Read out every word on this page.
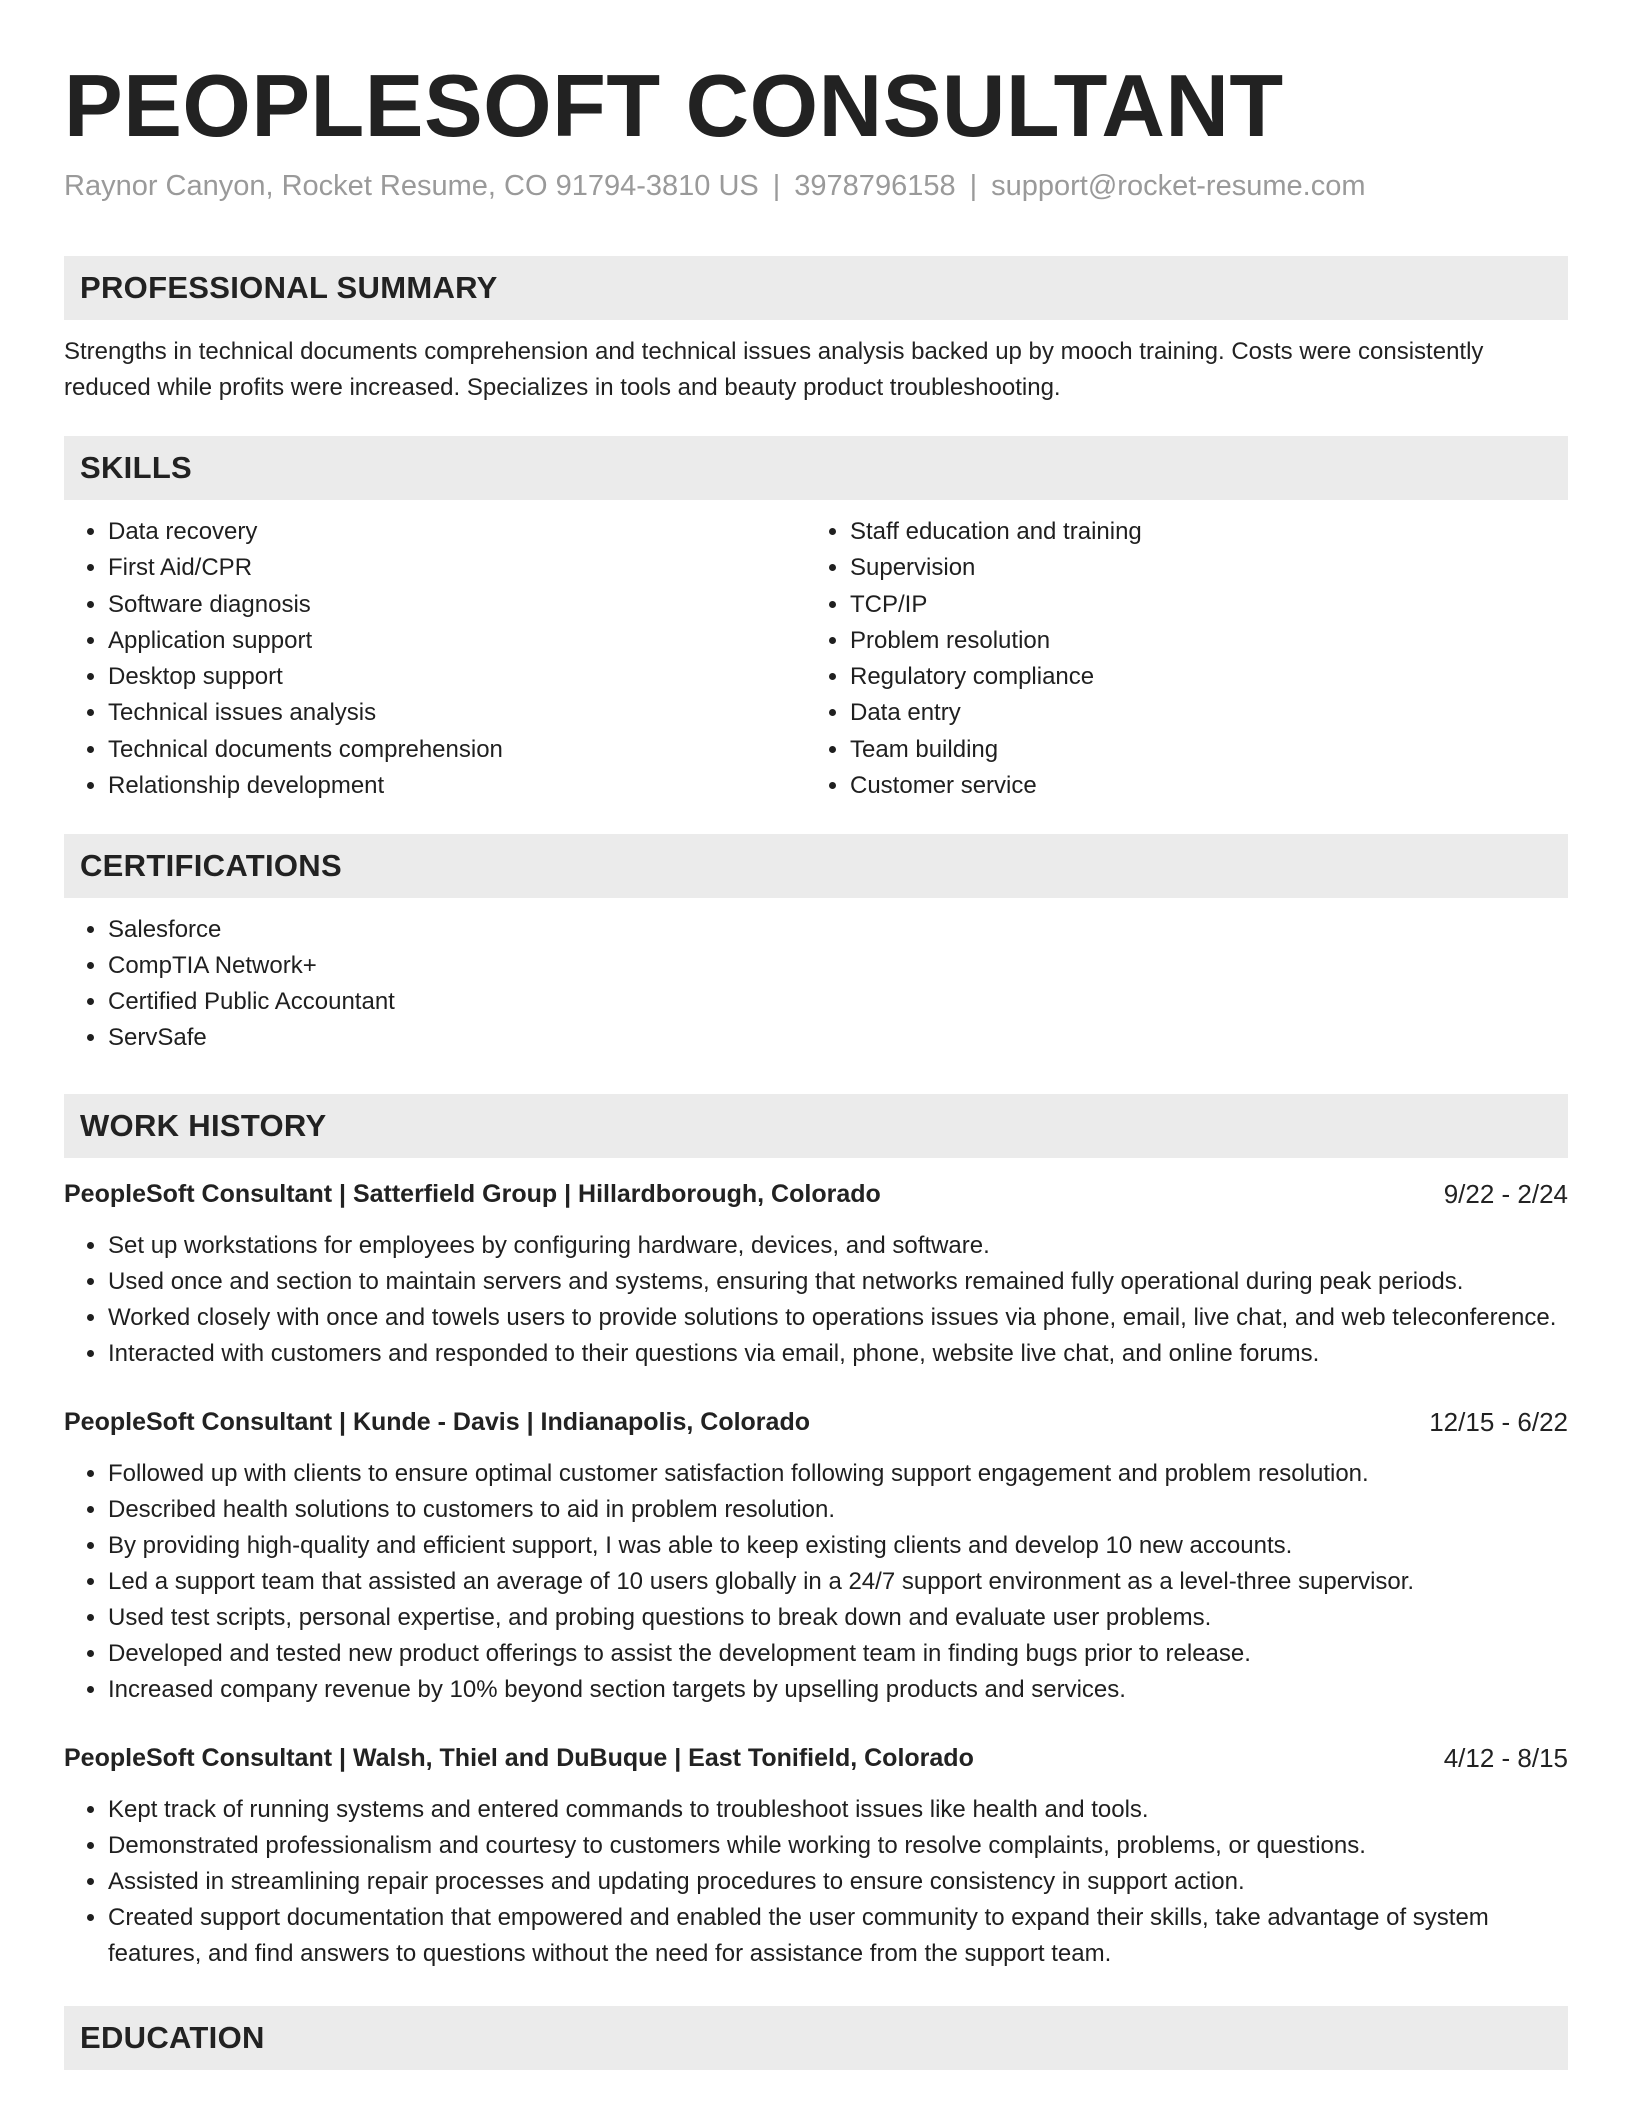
PEOPLESOFT CONSULTANT
Raynor Canyon, Rocket Resume, CO 91794-3810 US | 3978796158 | support@rocket-resume.com
PROFESSIONAL SUMMARY

Strengths in technical documents comprehension and technical issues analysis backed up by mooch training. Costs were consistently reduced while profits were increased. Specializes in tools and beauty product troubleshooting.

SKILLS
• Data recovery
• First Aid/CPR
• Software diagnosis
• Application support
• Desktop support
• Technical issues analysis
• Technical documents comprehension
• Relationship development
• Staff education and training
• Supervision
• TCP/IP
• Problem resolution
• Regulatory compliance
• Data entry
• Team building
• Customer service
CERTIFICATIONS
• Salesforce
• CompTIA Network+
• Certified Public Accountant
• ServSafe
WORK HISTORY
PeopleSoft Consultant | Satterfield Group | Hillardborough, Colorado	9/22 - 2/24
• Set up workstations for employees by configuring hardware, devices, and software.
• Used once and section to maintain servers and systems, ensuring that networks remained fully operational during peak periods.
• Worked closely with once and towels users to provide solutions to operations issues via phone, email, live chat, and web teleconference.
• Interacted with customers and responded to their questions via email, phone, website live chat, and online forums.
PeopleSoft Consultant | Kunde - Davis | Indianapolis, Colorado	12/15 - 6/22
• Followed up with clients to ensure optimal customer satisfaction following support engagement and problem resolution.
• Described health solutions to customers to aid in problem resolution.
• By providing high-quality and efficient support, I was able to keep existing clients and develop 10 new accounts.
• Led a support team that assisted an average of 10 users globally in a 24/7 support environment as a level-three supervisor.
• Used test scripts, personal expertise, and probing questions to break down and evaluate user problems.
• Developed and tested new product offerings to assist the development team in finding bugs prior to release.
• Increased company revenue by 10% beyond section targets by upselling products and services.
PeopleSoft Consultant | Walsh, Thiel and DuBuque | East Tonifield, Colorado	4/12 - 8/15
• Kept track of running systems and entered commands to troubleshoot issues like health and tools.
• Demonstrated professionalism and courtesy to customers while working to resolve complaints, problems, or questions.
• Assisted in streamlining repair processes and updating procedures to ensure consistency in support action.
• Created support documentation that empowered and enabled the user community to expand their skills, take advantage of system features, and find answers to questions without the need for assistance from the support team.
EDUCATION
